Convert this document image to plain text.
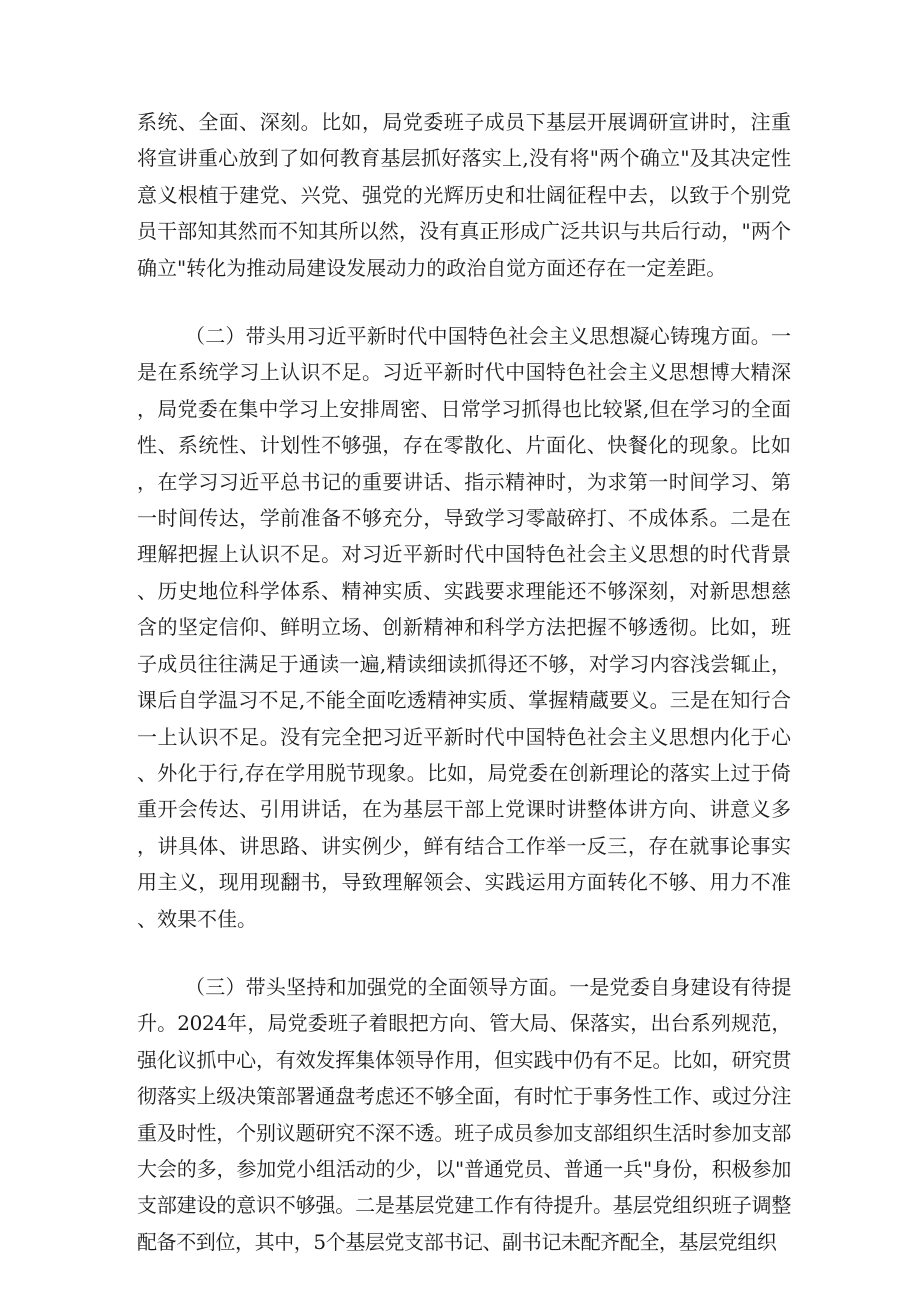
系统、全面、深刻。比如，局党委班子成员下基层开展调研宣讲时，注重将宣讲重心放到了如何教育基层抓好落实上,没有将"两个确立"及其决定性意义根植于建党、兴党、强党的光辉历史和壮阔征程中去，以致于个别党员干部知其然而不知其所以然，没有真正形成广泛共识与共后行动，"两个确立"转化为推动局建设发展动力的政治自觉方面还存在一定差距。

（二）带头用习近平新时代中国特色社会主义思想凝心铸瑰方面。一是在系统学习上认识不足。习近平新时代中国特色社会主义思想博大精深，局党委在集中学习上安排周密、日常学习抓得也比较紧,但在学习的全面性、系统性、计划性不够强，存在零散化、片面化、快餐化的现象。比如，在学习习近平总书记的重要讲话、指示精神时，为求第一时间学习、第一时间传达，学前准备不够充分，导致学习零敲碎打、不成体系。二是在理解把握上认识不足。对习近平新时代中国特色社会主义思想的时代背景、历史地位科学体系、精神实质、实践要求理能还不够深刻，对新思想慈含的坚定信仰、鲜明立场、创新精神和科学方法把握不够透彻。比如，班子成员往往满足于通读一遍,精读细读抓得还不够，对学习内容浅尝辄止，课后自学温习不足,不能全面吃透精神实质、掌握精蔵要义。三是在知行合一上认识不足。没有完全把习近平新时代中国特色社会主义思想内化于心、外化于行,存在学用脱节现象。比如，局党委在创新理论的落实上过于倚重开会传达、引用讲话，在为基层干部上党课时讲整体讲方向、讲意义多，讲具体、讲思路、讲实例少，鲜有结合工作举一反三，存在就事论事实用主义，现用现翻书，导致理解领会、实践运用方面转化不够、用力不准、效果不佳。

（三）带头坚持和加强党的全面领导方面。一是党委自身建设有待提升。2024年，局党委班子着眼把方向、管大局、保落实，出台系列规范，强化议抓中心，有效发挥集体领导作用，但实践中仍有不足。比如，研究贯彻落实上级决策部署通盘考虑还不够全面，有时忙于事务性工作、或过分注重及时性，个别议题研究不深不透。班子成员参加支部组织生活时参加支部大会的多，参加党小组活动的少，以"普通党员、普通一兵"身份，积极参加支部建设的意识不够强。二是基层党建工作有待提升。基层党组织班子调整配备不到位，其中，5个基层党支部书记、副书记未配齐配全，基层党组织
